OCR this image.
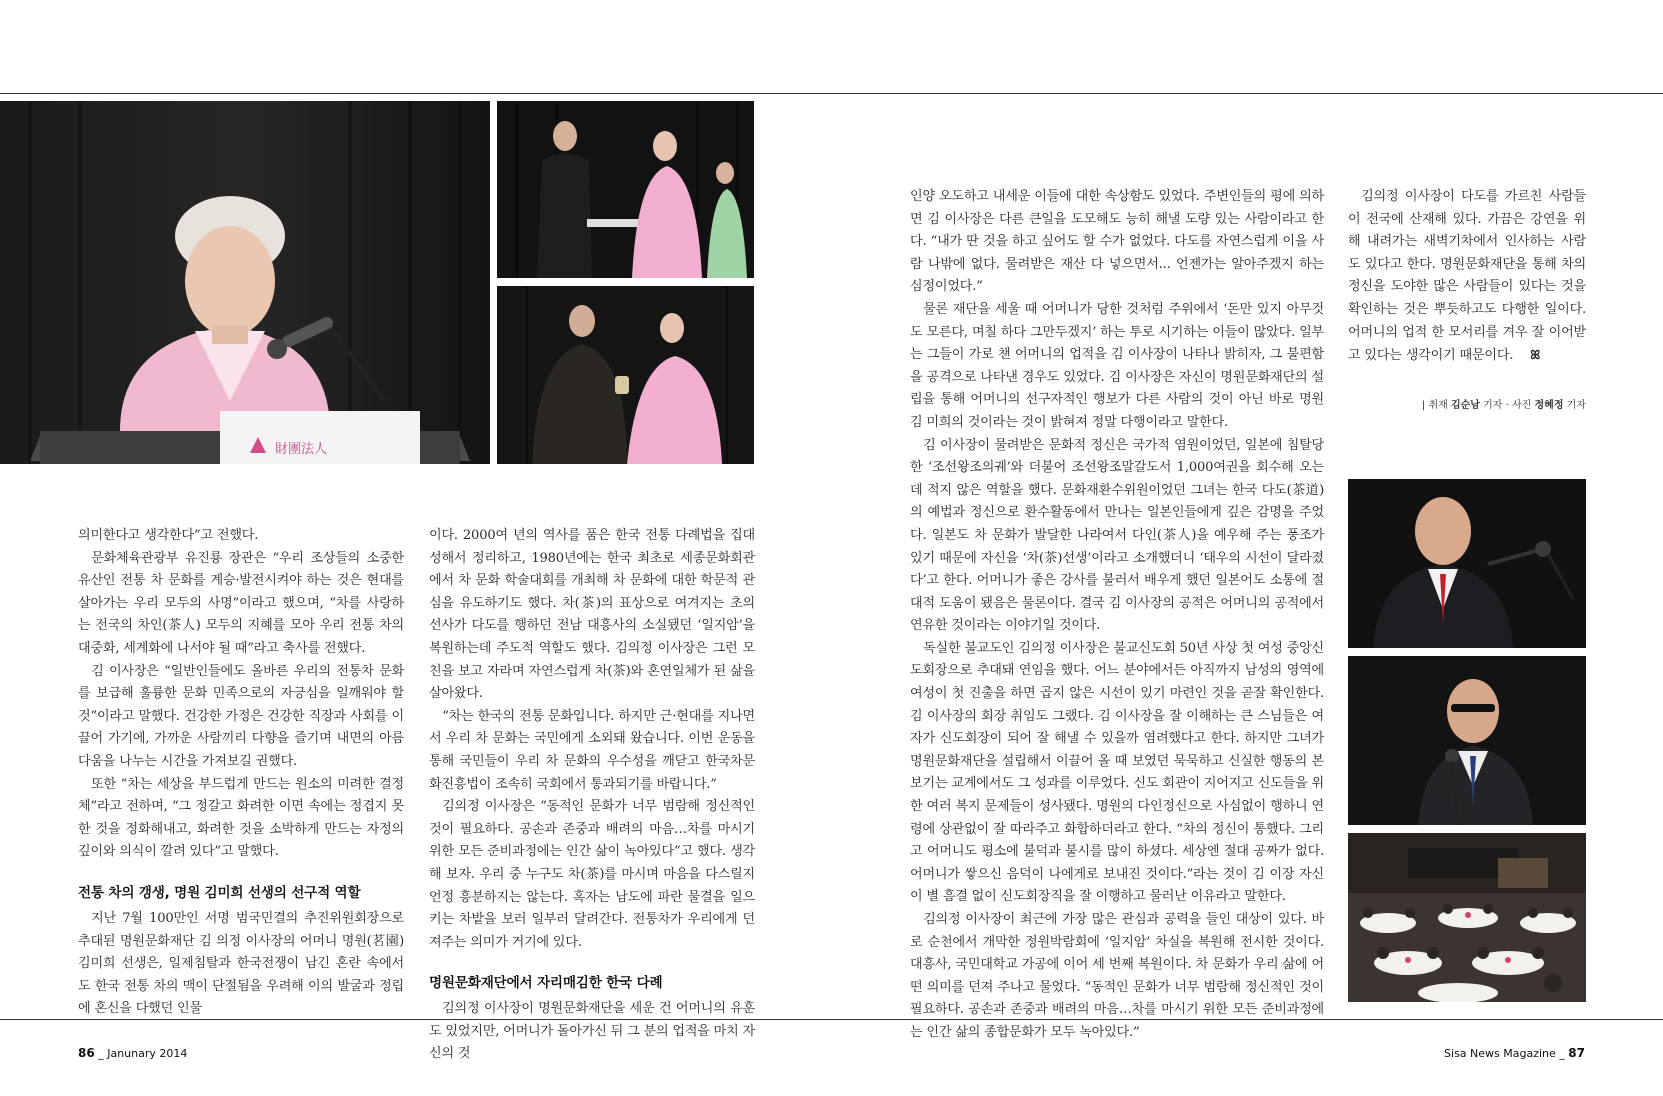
財團法人

의미한다고 생각한다”고 전했다.

문화체육관광부 유진룡 장관은 “우리 조상들의 소중한 유산인 전통 차 문화를 계승·발전시켜야 하는 것은 현대를 살아가는 우리 모두의 사명”이라고 했으며, “차를 사랑하는 전국의 차인(茶人) 모두의 지혜를 모아 우리 전통 차의 대중화, 세계화에 나서야 될 때”라고 축사를 전했다.

김 이사장은 “일반인들에도 올바른 우리의 전통차 문화를 보급해 훌륭한 문화 민족으로의 자긍심을 일깨워야 할 것”이라고 말했다. 건강한 가정은 건강한 직장과 사회를 이끌어 가기에, 가까운 사람끼리 다향을 즐기며 내면의 아름다움을 나누는 시간을 가져보길 권했다.

또한 “차는 세상을 부드럽게 만드는 원소의 미려한 결정체”라고 전하며, “그 정갈고 화려한 이면 속에는 정겹지 못한 것을 정화해내고, 화려한 것을 소박하게 만드는 자정의 깊이와 의식이 깔려 있다”고 말했다.

전통 차의 갱생, 명원 김미희 선생의 선구적 역할

지난 7월 100만인 서명 범국민결의 추진위원회장으로 추대된 명원문화재단 김 의정 이사장의 어머니 명원(茗園) 김미희 선생은, 일제침탈과 한국전쟁이 남긴 혼란 속에서도 한국 전통 차의 맥이 단절됨을 우려해 이의 발굴과 정립에 혼신을 다했던 인물

이다. 2000여 년의 역사를 품은 한국 전통 다례법을 집대성해서 정리하고, 1980년에는 한국 최초로 세종문화회관에서 차 문화 학술대회를 개최해 차 문화에 대한 학문적 관심을 유도하기도 했다. 차(茶)의 표상으로 여겨지는 초의 선사가 다도를 행하던 전남 대흥사의 소실됐던 ‘일지암’을 복원하는데 주도적 역할도 했다. 김의정 이사장은 그런 모친을 보고 자라며 자연스럽게 차(茶)와 혼연일체가 된 삶을 살아왔다.

“차는 한국의 전통 문화입니다. 하지만 근·현대를 지나면서 우리 차 문화는 국민에게 소외돼 왔습니다. 이번 운동을 통해 국민들이 우리 차 문화의 우수성을 깨닫고 한국차문화진흥법이 조속히 국회에서 통과되기를 바랍니다.”

김의정 이사장은 “동적인 문화가 너무 범람해 정신적인 것이 필요하다. 공손과 존중과 배려의 마음…차를 마시기 위한 모든 준비과정에는 인간 삶이 녹아있다”고 했다. 생각해 보자. 우리 중 누구도 차(茶)를 마시며 마음을 다스릴지언정 흥분하지는 않는다. 혹자는 남도에 파란 물결을 일으키는 차밭을 보러 일부러 달려간다. 전통차가 우리에게 던져주는 의미가 거기에 있다.

명원문화재단에서 자리매김한 한국 다례

김의정 이사장이 명원문화재단을 세운 건 어머니의 유훈도 있었지만, 어머니가 돌아가신 뒤 그 분의 업적을 마치 자신의 것

인양 오도하고 내세운 이들에 대한 속상함도 있었다. 주변인들의 평에 의하면 김 이사장은 다른 큰일을 도모해도 능히 해낼 도량 있는 사람이라고 한다. “내가 딴 것을 하고 싶어도 할 수가 없었다. 다도를 자연스럽게 이을 사람 나밖에 없다. 물려받은 재산 다 넣으면서... 언젠가는 알아주겠지 하는 심정이었다.”

물론 재단을 세울 때 어머니가 당한 것처럼 주위에서 ‘돈만 있지 아무것도 모른다, 며칠 하다 그만두겠지’ 하는 투로 시기하는 이들이 많았다. 일부는 그들이 가로 챈 어머니의 업적을 김 이사장이 나타나 밝히자, 그 불편함을 공격으로 나타낸 경우도 있었다. 김 이사장은 자신이 명원문화재단의 설립을 통해 어머니의 선구자적인 행보가 다른 사람의 것이 아닌 바로 명원 김 미희의 것이라는 것이 밝혀져 정말 다행이라고 말한다.

김 이사장이 물려받은 문화적 정신은 국가적 염원이었던, 일본에 침탈당한 ‘조선왕조의궤’와 더불어 조선왕조말갈도서 1,000여권을 회수해 오는데 적지 않은 역할을 했다. 문화재환수위원이었던 그녀는 한국 다도(茶道)의 예법과 정신으로 환수활동에서 만나는 일본인들에게 깊은 감명을 주었다. 일본도 차 문화가 발달한 나라여서 다인(茶人)을 예우해 주는 풍조가 있기 때문에 자신을 ‘차(茶)선생’이라고 소개했더니 ‘태우의 시선이 달라졌다’고 한다. 어머니가 좋은 강사를 불러서 배우게 했던 일본어도 소통에 절대적 도움이 됐음은 물론이다. 결국 김 이사장의 공적은 어머니의 공적에서 연유한 것이라는 이야기일 것이다.

독실한 불교도인 김의정 이사장은 불교신도회 50년 사상 첫 여성 중앙신도회장으로 추대돼 연임을 했다. 어느 분야에서든 아직까지 남성의 영역에 여성이 첫 진출을 하면 곱지 않은 시선이 있기 마련인 것을 곧잘 확인한다. 김 이사장의 회장 취임도 그랬다. 김 이사장을 잘 이해하는 큰 스님들은 여자가 신도회장이 되어 잘 해낼 수 있을까 염려했다고 한다. 하지만 그녀가 명원문화재단을 설립해서 이끌어 올 때 보였던 묵묵하고 신실한 행동의 본보기는 교계에서도 그 성과를 이루었다. 신도 회관이 지어지고 신도들을 위한 여러 복지 문제들이 성사됐다. 명원의 다인정신으로 사심없이 행하니 연령에 상관없이 잘 따라주고 화합하더라고 한다. “차의 정신이 통했다. 그리고 어머니도 평소에 불덕과 불시를 많이 하셨다. 세상엔 절대 공짜가 없다. 어머니가 쌓으신 음덕이 나에게로 보내진 것이다.”라는 것이 김 이장 자신이 별 흠결 없이 신도회장직을 잘 이행하고 물러난 이유라고 말한다.

김의정 이사장이 최근에 가장 많은 관심과 공력을 들인 대상이 있다. 바로 순천에서 개막한 정원박람회에 ‘일지암’ 차실을 복원해 전시한 것이다. 대흥사, 국민대학교 가공에 이어 세 번째 복원이다. 차 문화가 우리 삶에 어떤 의미를 던져 주나고 물었다. “동적인 문화가 너무 범람해 정신적인 것이 필요하다. 공손과 존중과 배려의 마음…차를 마시기 위한 모든 준비과정에는 인간 삶의 종합문화가 모두 녹아있다.”

김의정 이사장이 다도를 가르친 사람들이 전국에 산재해 있다. 가끔은 강연을 위해 내려가는 새벽기차에서 인사하는 사람도 있다고 한다. 명원문화재단을 통해 차의 정신을 도야한 많은 사람들이 있다는 것을 확인하는 것은 뿌듯하고도 다행한 일이다. 어머니의 업적 한 모서리를 겨우 잘 이어받고 있다는 생각이기 때문이다. ꕤ

| 취재 김순남 기자 · 사진 정혜정 기자
86 _ Janunary 2014	Sisa News Magazine _ 87
